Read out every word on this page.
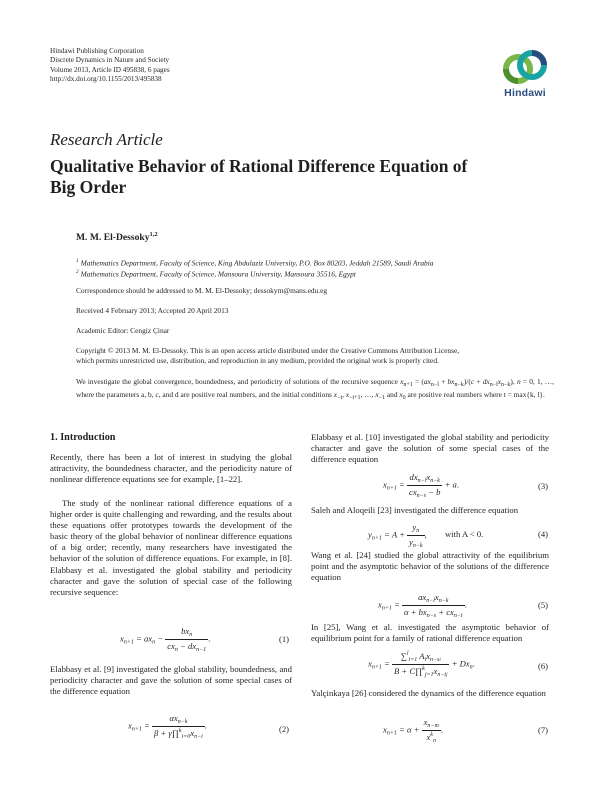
Hindawi Publishing Corporation
Discrete Dynamics in Nature and Society
Volume 2013, Article ID 495838, 6 pages
http://dx.doi.org/10.1155/2013/495838
Hindawi
Research Article
Qualitative Behavior of Rational Difference Equation of
Big Order
M. M. El-Dessoky$^{1,2}$
$^1$ Mathematics Department, Faculty of Science, King Abdulaziz University, P.O. Box 80203, Jeddah 21589, Saudi Arabia
$^2$ Mathematics Department, Faculty of Science, Mansoura University, Mansoura 35516, Egypt
Correspondence should be addressed to M. M. El-Dessoky; dessokym@mans.edu.eg
Received 4 February 2013; Accepted 20 April 2013
Academic Editor: Cengiz Çinar
Copyright © 2013 M. M. El-Dessoky. This is an open access article distributed under the Creative Commons Attribution License,
which permits unrestricted use, distribution, and reproduction in any medium, provided the original work is properly cited.
We investigate the global convergence, boundedness, and periodicity of solutions of the recursive sequence $x_{n+1} = (ax_{n-l} + bx_{n-k})/(c + dx_{n-l}x_{n-k})$, n = 0, 1, …, where the parameters a, b, c, and d are positive real numbers, and the initial conditions $x_{-t}$, $x_{-t+1}$, …, $x_{-1}$ and $x_0$ are positive real numbers where t = max{k, l}.
1. Introduction

Recently, there has been a lot of interest in studying the global attractivity, the boundedness character, and the periodicity nature of nonlinear difference equations see for example, [1–22].

The study of the nonlinear rational difference equations of a higher order is quite challenging and rewarding, and the results about these equations offer prototypes towards the development of the basic theory of the global behavior of nonlinear difference equations of a big order; recently, many researchers have investigated the behavior of the solution of difference equations. For example, in [8]. Elabbasy et al. investigated the global stability and periodicity character and gave the solution of special case of the following recursive sequence:

$x_{n+1} = ax_n - \frac{bx_n}{cx_n - dx_{n-1}}$ .	(1)

Elabbasy et al. [9] investigated the global stability, boundedness, and periodicity character and gave the solution of some special cases of the difference equation

$x_{n+1} = \frac{\alpha x_{n-k}}{\beta + \gamma\prod^k_{i=0}x_{n-i}}$ .	(2)

Elabbasy et al. [10] investigated the global stability and periodicity character and gave the solution of some special cases of the difference equation

$x_{n+1} = \frac{dx_{n-l}x_{n-k}}{cx_{n-s} - b} + a$.	(3)

Saleh and Aloqeili [23] investigated the difference equation

$y_{n+1} = A + \frac{y_n}{y_{n-k}}$ , with A < 0.	(4)

Wang et al. [24] studied the global attractivity of the equilibrium point and the asymptotic behavior of the solutions of the difference equation

$x_{n+1} = \frac{ax_{n-l}x_{n-k}}{\alpha + bx_{n-s} + cx_{n-t}}$ .	(5)

In [25], Wang et al. investigated the asymptotic behavior of equilibrium point for a family of rational difference equation

$x_{n+1} = \frac{\sum^l_{i=1} A_ix_{n-si}}{B + C\prod^k_{j=1}x_{n-tj}} + Dx_n$.	(6)

Yalçinkaya [26] considered the dynamics of the difference equation

$x_{n+1} = \alpha + \frac{x_{n-m}}{x^k_n}$ .	(7)
